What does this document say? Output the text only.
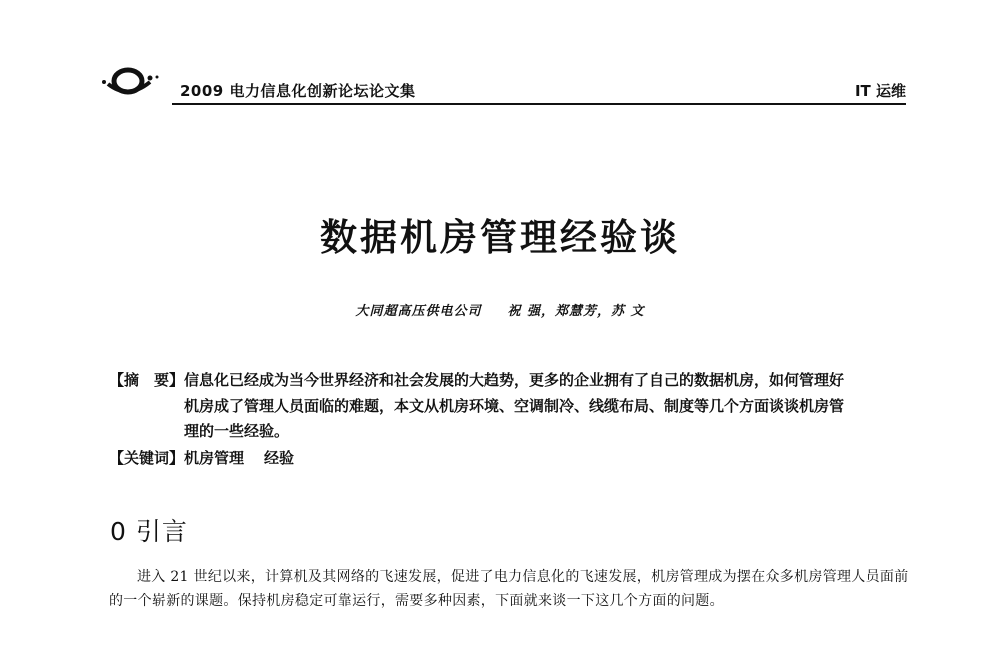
2009 电力信息化创新论坛论文集	IT 运维
数据机房管理经验谈
大同超高压供电公司 祝 强，郑慧芳，苏 文
【摘　要】 信息化已经成为当今世界经济和社会发展的大趋势，更多的企业拥有了自己的数据机房，如何管理好机房成了管理人员面临的难题，本文从机房环境、空调制冷、线缆布局、制度等几个方面谈谈机房管理的一些经验。
【关键词】 机房管理 经验
0 引言
进入 21 世纪以来，计算机及其网络的飞速发展，促进了电力信息化的飞速发展，机房管理成为摆在众多机房管理人员面前的一个崭新的课题。保持机房稳定可靠运行，需要多种因素，下面就来谈一下这几个方面的问题。
